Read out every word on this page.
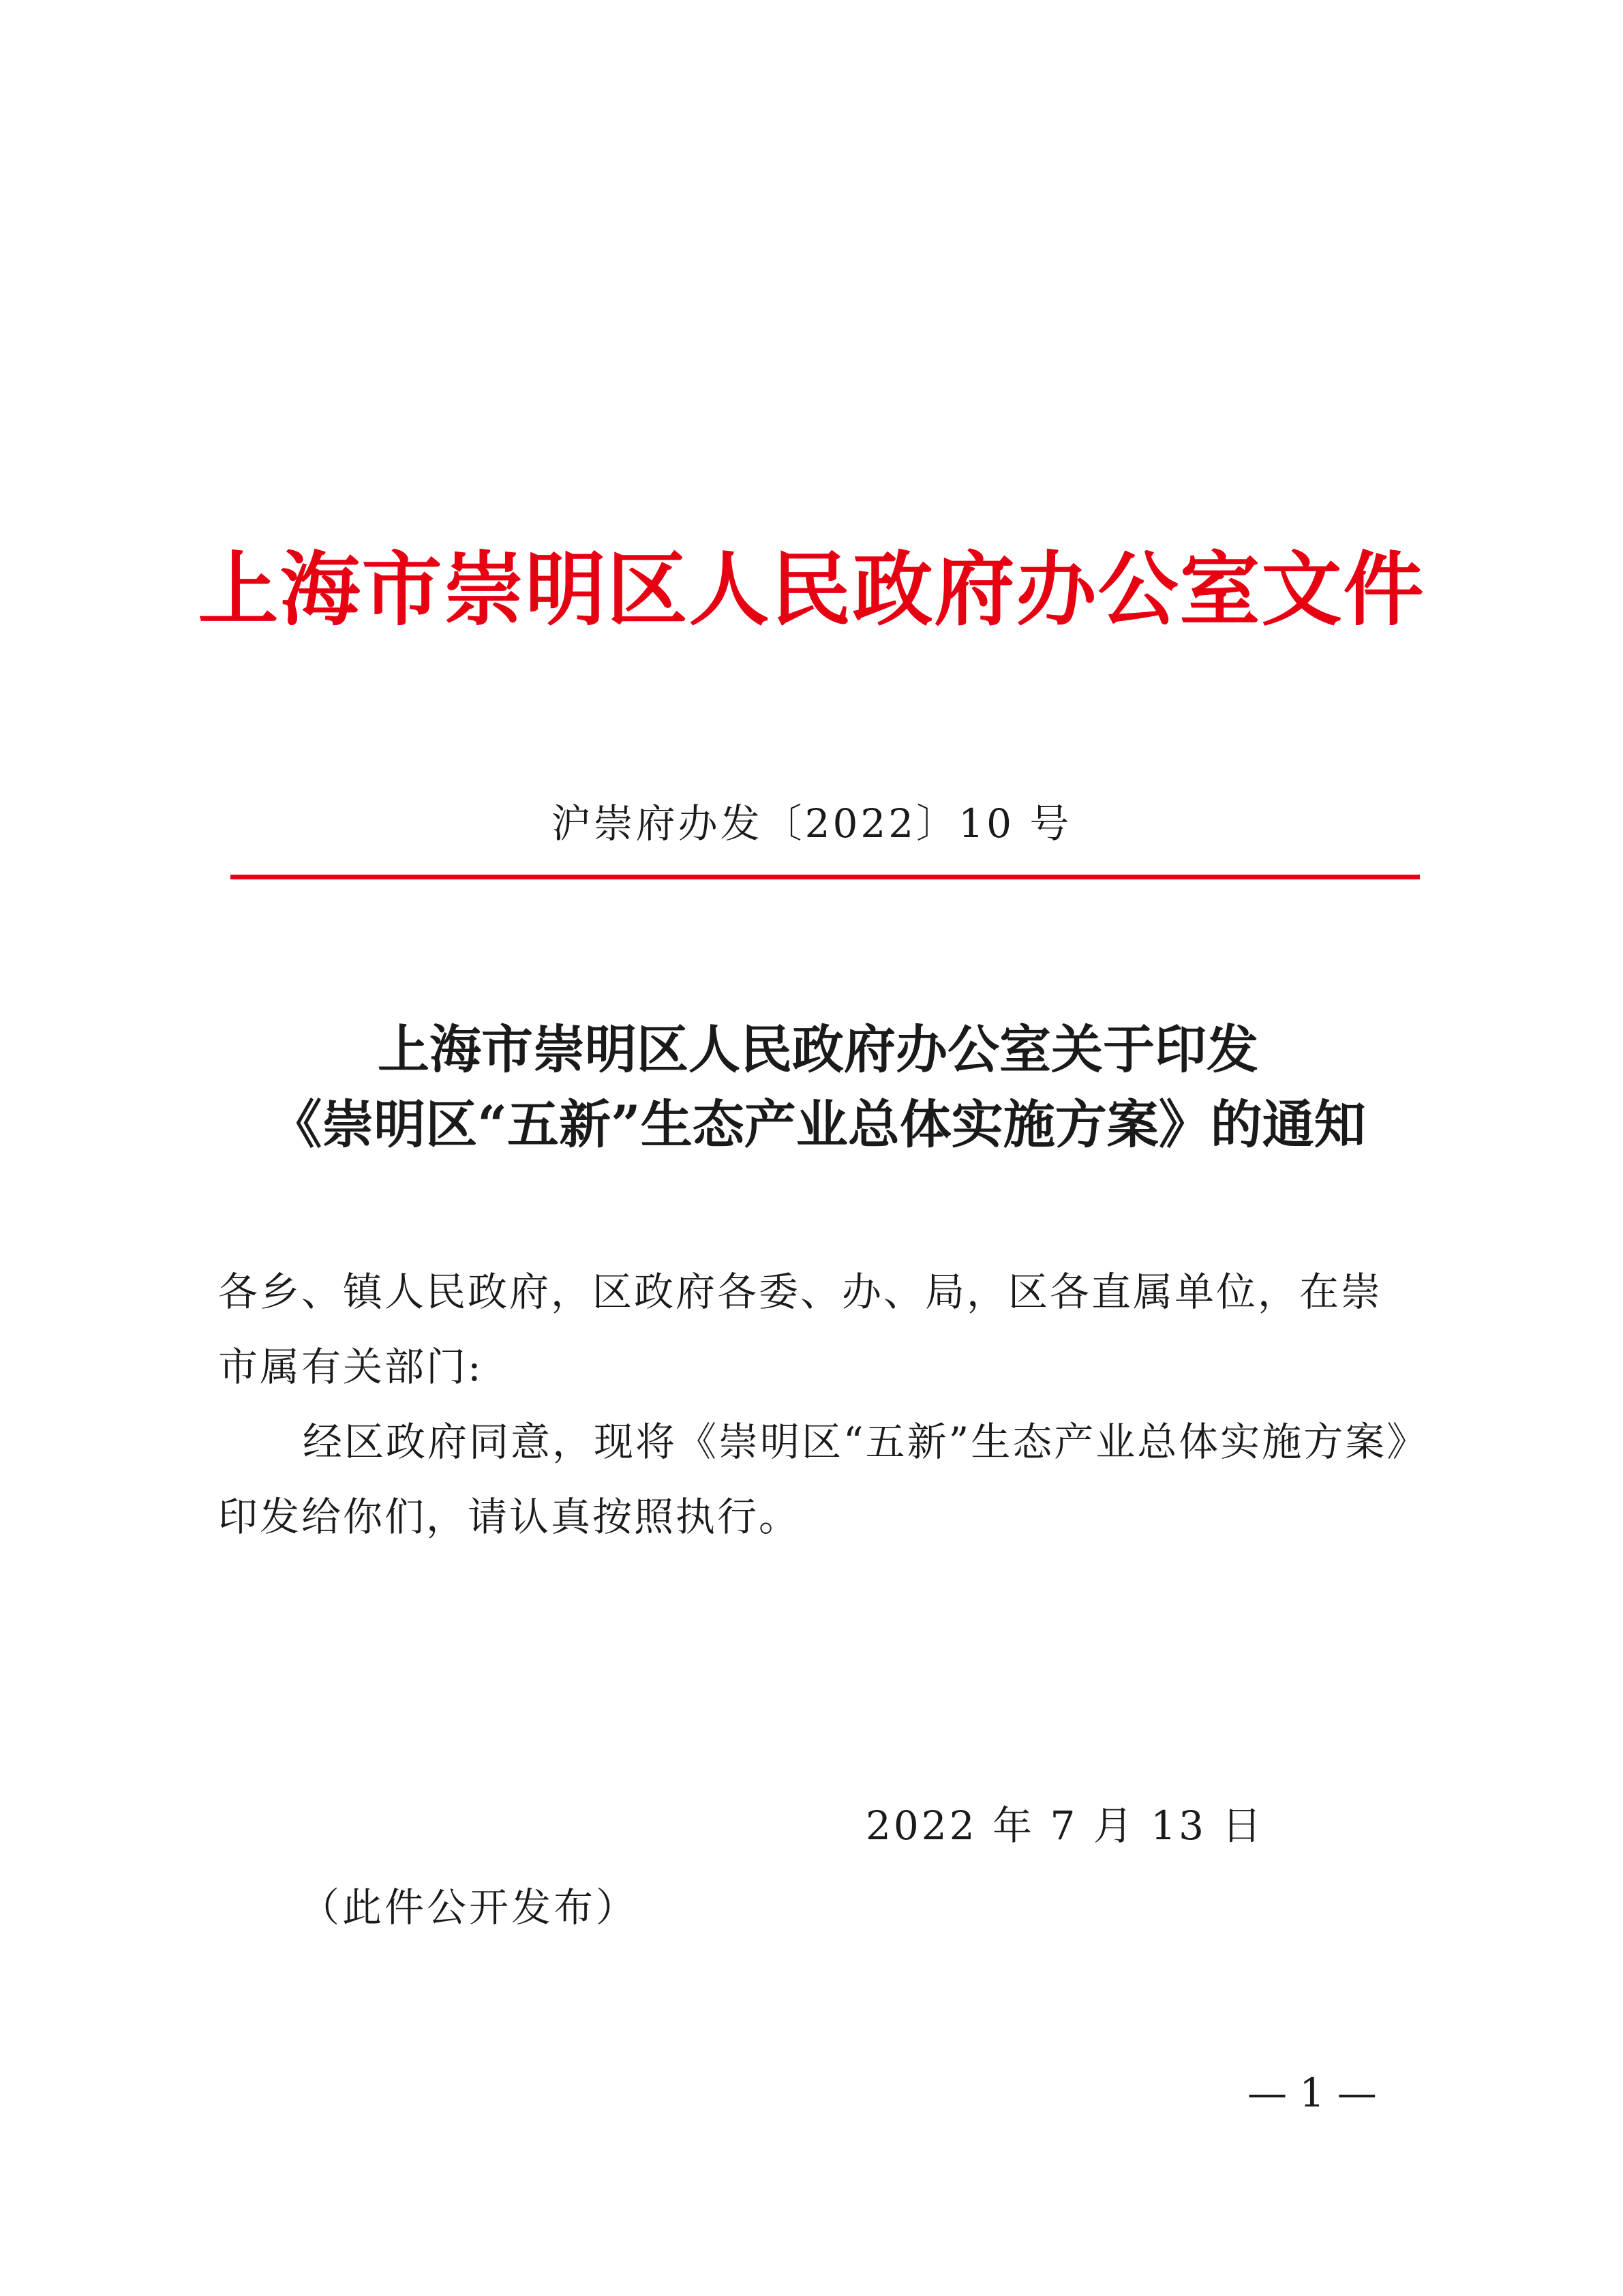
上海市崇明区人民政府办公室文件
沪崇府办发〔2022〕10 号
上海市崇明区人民政府办公室关于印发
《崇明区“五新”生态产业总体实施方案》的通知
各乡、镇人民政府，区政府各委、办、局，区各直属单位，在崇市属有关部门:
经区政府同意，现将《崇明区“五新”生态产业总体实施方案》印发给你们，请认真按照执行。
2022 年 7 月 13 日
（此件公开发布）
— 1 —
